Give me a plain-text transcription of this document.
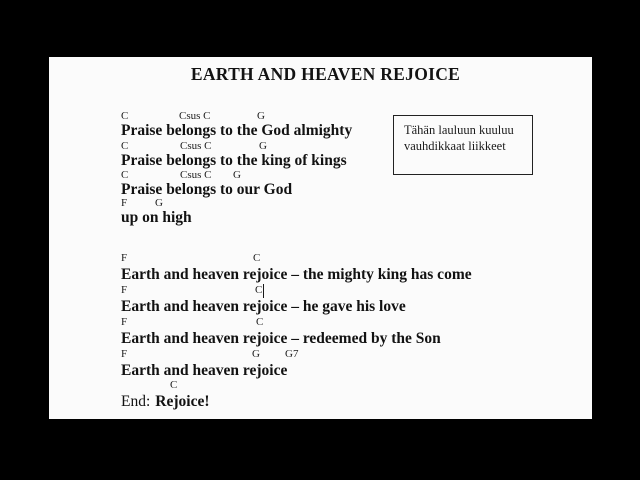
EARTH AND HEAVEN REJOICE
C	Csus C	G
Praise belongs to the God almighty
C	Csus C	G
Praise belongs to the king of kings
C	Csus C G
Praise belongs to our God
F	G
up on high
F	C
Earth and heaven rejoice – the mighty king has come
F	C
Earth and heaven rejoice – he gave his love
F	C
Earth and heaven rejoice – redeemed by the Son
F	G G7
Earth and heaven rejoice
C
End: Rejoice!
Tähän lauluun kuuluu
vauhdikkaat liikkeet
